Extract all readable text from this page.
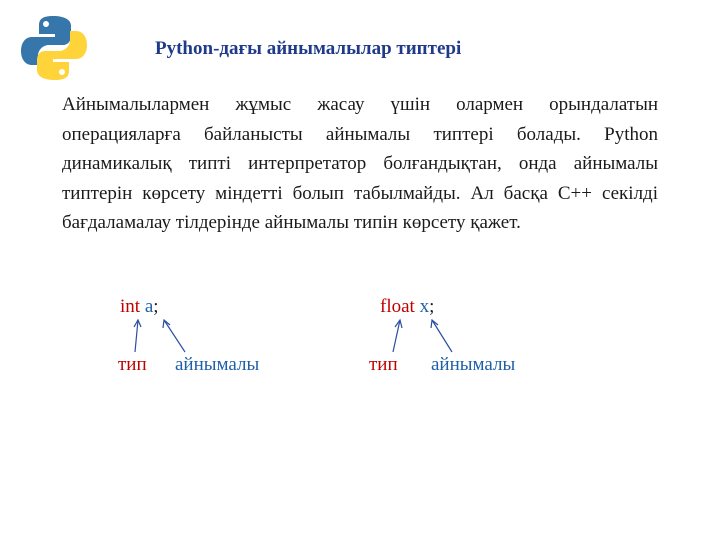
Python-дағы айнымалылар типтері
Айнымалылармен жұмыс жасау үшін олармен орындалатын операцияларға байланысты айнымалы типтері болады. Python динамикалық типті интерпретатор болғандықтан, онда айнымалы типтерін көрсету міндетті болып табылмайды. Ал басқа C++ секілді бағдаламалау тілдерінде айнымалы типін көрсету қажет.
int a;
тип айнымалы
float x;
тип айнымалы
